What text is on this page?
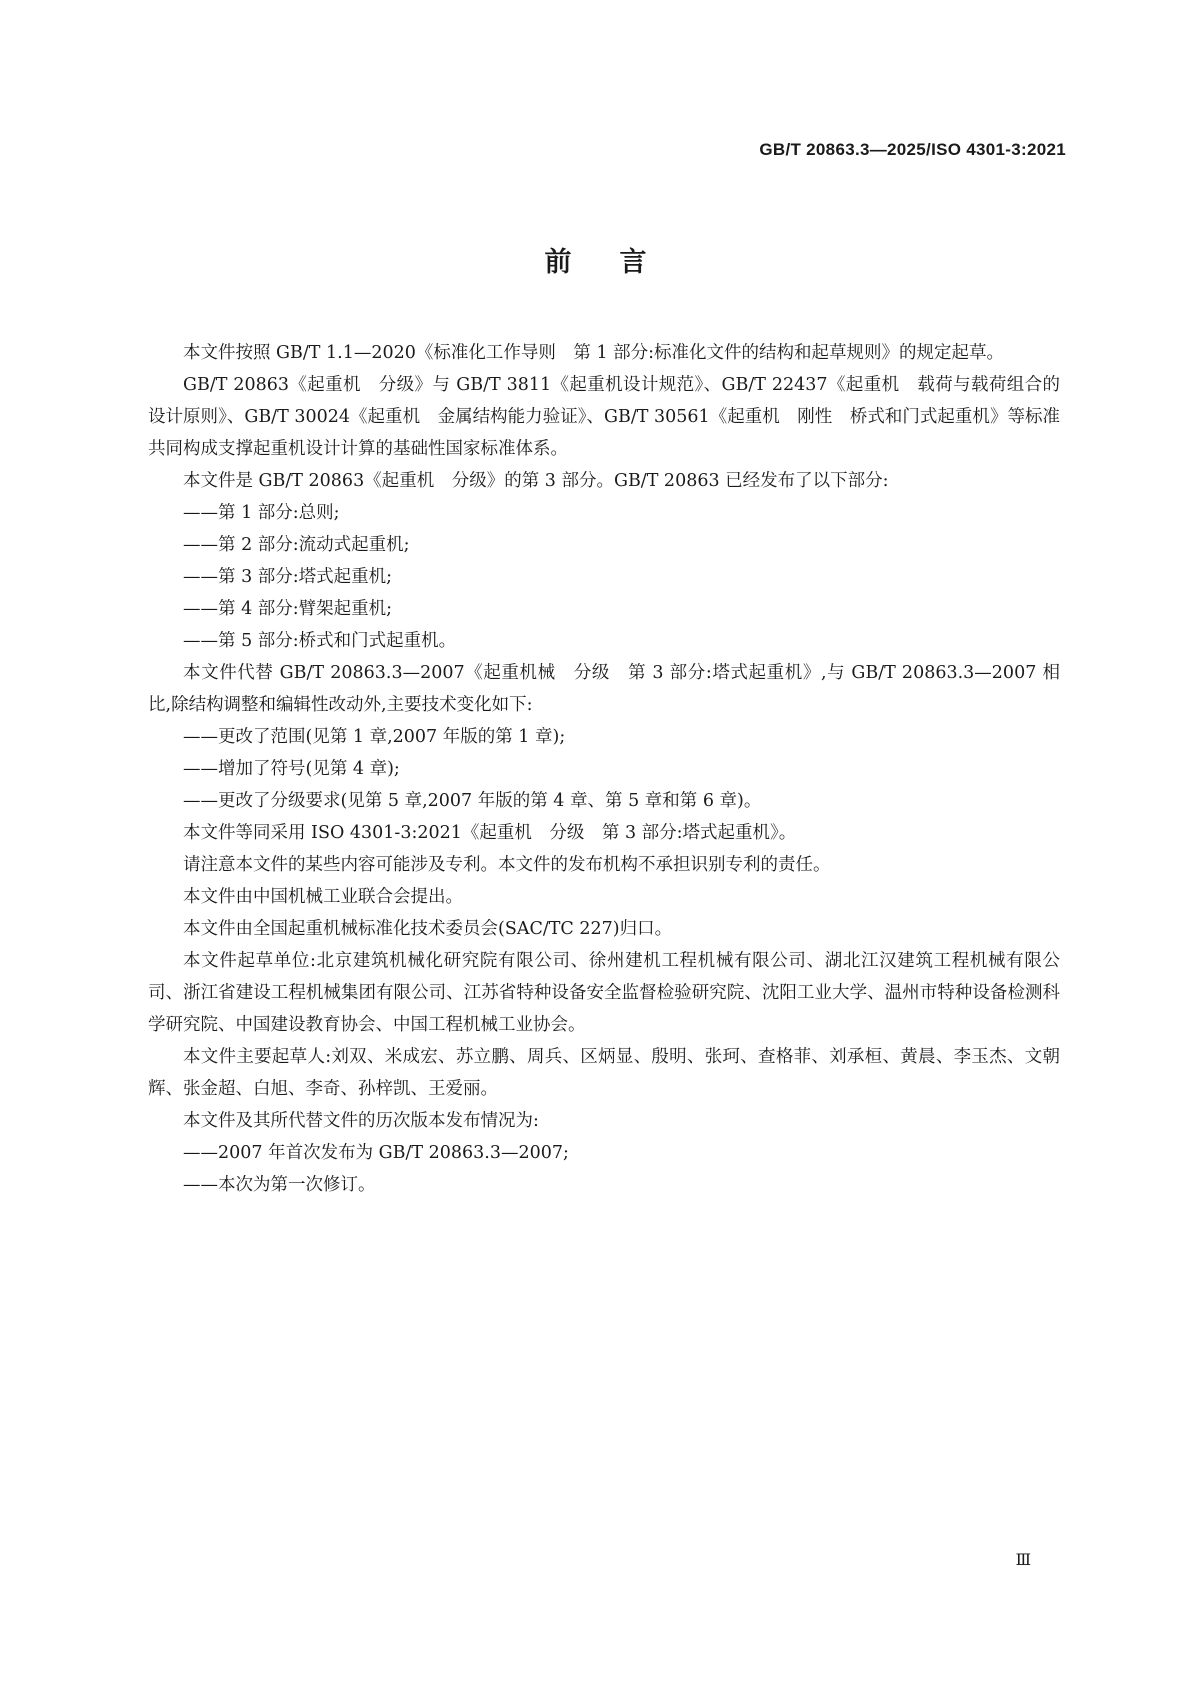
GB/T 20863.3—2025/ISO 4301-3:2021
前言

本文件按照 GB/T 1.1—2020《标准化工作导则　第 1 部分:标准化文件的结构和起草规则》的规定起草。

GB/T 20863《起重机　分级》与 GB/T 3811《起重机设计规范》、GB/T 22437《起重机　载荷与载荷组合的设计原则》、GB/T 30024《起重机　金属结构能力验证》、GB/T 30561《起重机　刚性　桥式和门式起重机》等标准共同构成支撑起重机设计计算的基础性国家标准体系。

本文件是 GB/T 20863《起重机　分级》的第 3 部分。GB/T 20863 已经发布了以下部分:

——第 1 部分:总则;

——第 2 部分:流动式起重机;

——第 3 部分:塔式起重机;

——第 4 部分:臂架起重机;

——第 5 部分:桥式和门式起重机。

本文件代替 GB/T 20863.3—2007《起重机械　分级　第 3 部分:塔式起重机》,与 GB/T 20863.3—2007 相比,除结构调整和编辑性改动外,主要技术变化如下:

——更改了范围(见第 1 章,2007 年版的第 1 章);

——增加了符号(见第 4 章);

——更改了分级要求(见第 5 章,2007 年版的第 4 章、第 5 章和第 6 章)。

本文件等同采用 ISO 4301-3:2021《起重机　分级　第 3 部分:塔式起重机》。

请注意本文件的某些内容可能涉及专利。本文件的发布机构不承担识别专利的责任。

本文件由中国机械工业联合会提出。

本文件由全国起重机械标准化技术委员会(SAC/TC 227)归口。

本文件起草单位:北京建筑机械化研究院有限公司、徐州建机工程机械有限公司、湖北江汉建筑工程机械有限公司、浙江省建设工程机械集团有限公司、江苏省特种设备安全监督检验研究院、沈阳工业大学、温州市特种设备检测科学研究院、中国建设教育协会、中国工程机械工业协会。

本文件主要起草人:刘双、米成宏、苏立鹏、周兵、区炳显、殷明、张珂、查格菲、刘承桓、黄晨、李玉杰、文朝辉、张金超、白旭、李奇、孙梓凯、王爱丽。

本文件及其所代替文件的历次版本发布情况为:

——2007 年首次发布为 GB/T 20863.3—2007;

——本次为第一次修订。

Ⅲ
